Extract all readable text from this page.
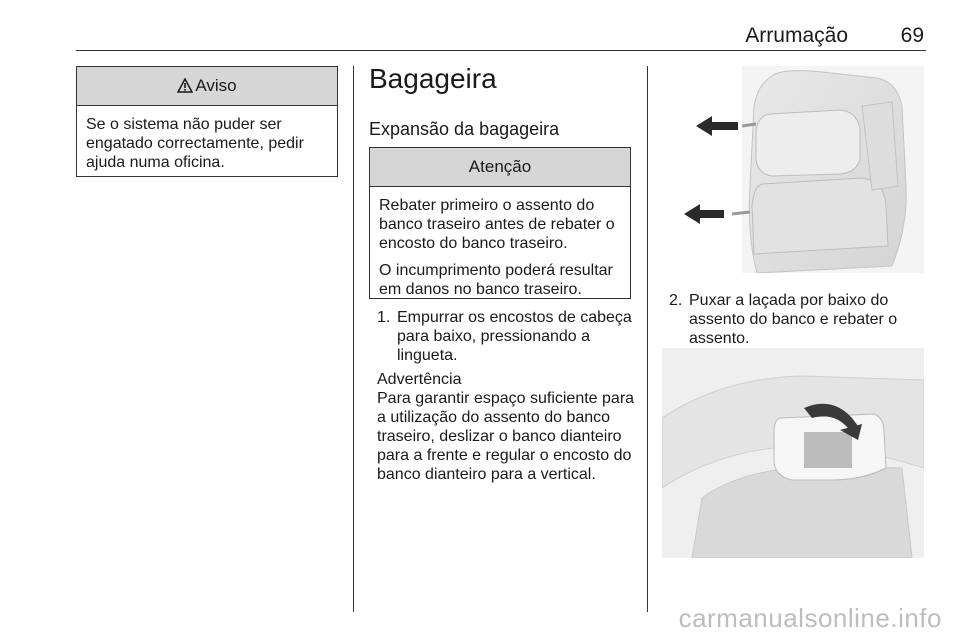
Arrumação	69
Aviso

Se o sistema não puder ser engatado correctamente, pedir ajuda numa oficina.

Bagageira
Expansão da bagageira
Atenção

Rebater primeiro o assento do banco traseiro antes de rebater o encosto do banco traseiro.

O incumprimento poderá resultar em danos no banco traseiro.

1. Empurrar os encostos de cabeça para baixo, pressionando a lingueta.
Advertência
Para garantir espaço suficiente para a utilização do assento do banco traseiro, deslizar o banco dianteiro para a frente e regular o encosto do banco dianteiro para a vertical.
2. Puxar a laçada por baixo do assento do banco e rebater o assento.
carmanualsonline.info
